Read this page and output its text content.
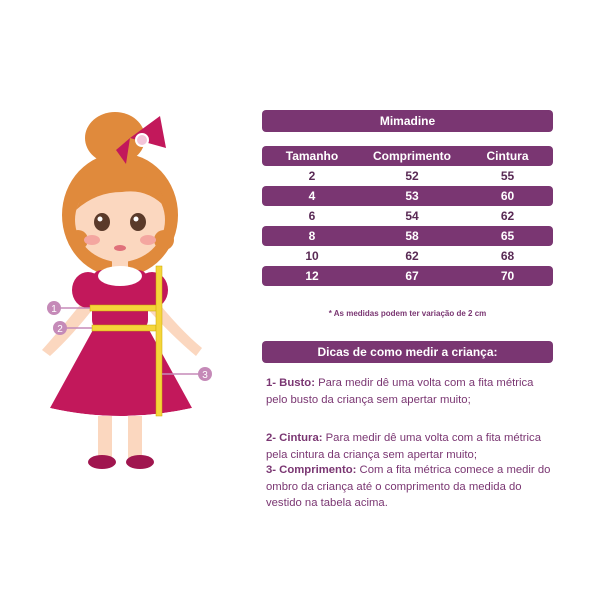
1
2
3
Mimadine
Tamanho	Comprimento	Cintura
2	52	55
4	53	60
6	54	62
8	58	65
10	62	68
12	67	70
* As medidas podem ter variação de 2 cm
Dicas de como medir a criança:
1- Busto: Para medir dê uma volta com a fita métrica pelo busto da criança sem apertar muito;
2- Cintura: Para medir dê uma volta com a fita métrica pela cintura da criança sem apertar muito;
3- Comprimento: Com a fita métrica comece a medir do ombro da criança até o comprimento da medida do vestido na tabela acima.
